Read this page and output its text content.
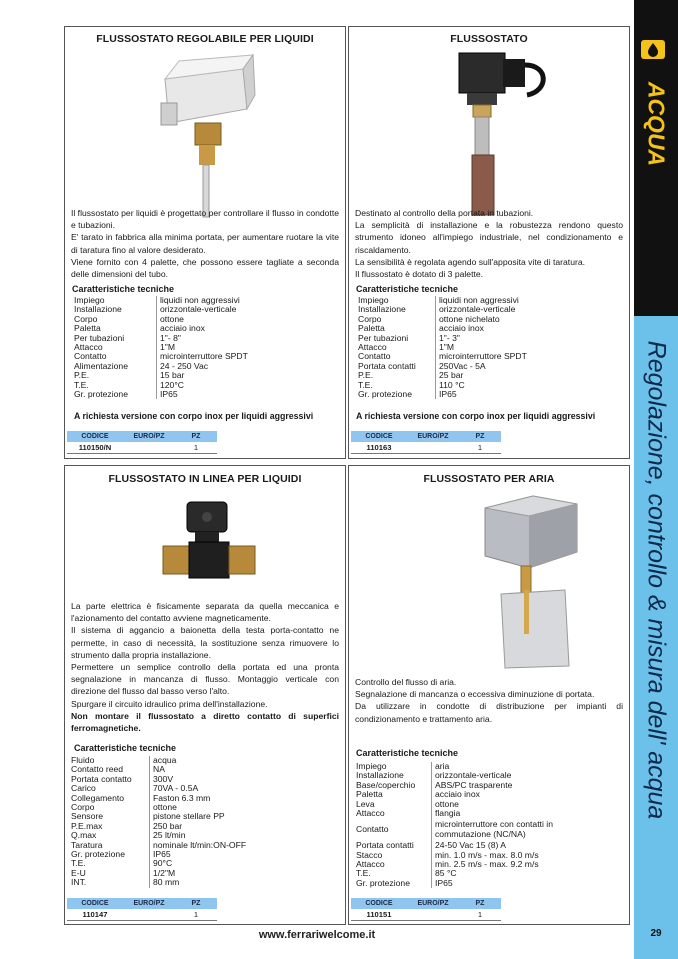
ACQUA
Regolazione, controllo & misura dell' acqua
29
www.ferrariwelcome.it
FLUSSOSTATO REGOLABILE PER LIQUIDI

Il flussostato per liquidi è progettato per controllare il flusso in condotte e tubazioni.

E' tarato in fabbrica alla minima portata, per aumentare ruotare la vite di taratura fino al valore desiderato.

Viene fornito con 4 palette, che possono essere tagliate a seconda delle dimensioni del tubo.

Caratteristiche tecniche
Impiego	liquidi non aggressivi
Installazione	orizzontale-verticale
Corpo	ottone
Paletta	acciaio inox
Per tubazioni	1"- 8"
Attacco	1"M
Contatto	microinterruttore SPDT
Alimentazione	24 - 250 Vac
P.E.	15 bar
T.E.	120°C
Gr. protezione	IP65
A richiesta versione con corpo inox per liquidi aggressivi
CODICE	EURO/PZ	PZ
110150/N		1
FLUSSOSTATO

Destinato al controllo della portata in tubazioni.

La semplicità di installazione e la robustezza rendono questo strumento idoneo all'impiego industriale, nel condizionamento e riscaldamento.

La sensibilità è regolata agendo sull'apposita vite di taratura.

Il flussostato è dotato di 3 palette.

Caratteristiche tecniche
Impiego	liquidi non aggressivi
Installazione	orizzontale-verticale
Corpo	ottone nichelato
Paletta	acciaio inox
Per tubazioni	1"- 3"
Attacco	1"M
Contatto	microinterruttore SPDT
Portata contatti	250Vac - 5A
P.E.	25 bar
T.E.	110 °C
Gr. protezione	IP65
A richiesta versione con corpo inox per liquidi aggressivi
CODICE	EURO/PZ	PZ
110163		1
FLUSSOSTATO IN LINEA PER LIQUIDI

La parte elettrica è fisicamente separata da quella meccanica e l'azionamento del contatto avviene magneticamente.

Il sistema di aggancio a baionetta della testa porta-contatto ne permette, in caso di necessità, la sostituzione senza rimuovere lo strumento dalla propria installazione.

Permettere un semplice controllo della portata ed una pronta segnalazione in mancanza di flusso. Montaggio verticale con direzione del flusso dal basso verso l'alto.

Spurgare il circuito idraulico prima dell'installazione.

Non montare il flussostato a diretto contatto di superfici ferromagnetiche.

Caratteristiche tecniche
Fluido	acqua
Contatto reed	NA
Portata contatto	300V
Carico	70VA - 0.5A
Collegamento	Faston 6.3 mm
Corpo	ottone
Sensore	pistone stellare PP
P.E.max	250 bar
Q.max	25 lt/min
Taratura	nominale lt/min:ON-OFF
Gr. protezione	IP65
T.E.	90°C
E-U	1/2"M
INT.	80 mm
CODICE	EURO/PZ	PZ
110147		1
FLUSSOSTATO PER ARIA

Controllo del flusso di aria.

Segnalazione di mancanza o eccessiva diminuzione di portata.

Da utilizzare in condotte di distribuzione per impianti di condizionamento e trattamento aria.

Caratteristiche tecniche
Impiego	aria
Installazione	orizzontale-verticale
Base/coperchio	ABS/PC trasparente
Paletta	acciaio inox
Leva	ottone
Attacco	flangia
Contatto	microinterruttore con contatti in commutazione (NC/NA)
Portata contatti	24-50 Vac 15 (8) A
Stacco	min. 1.0 m/s - max. 8.0 m/s
Attacco	min. 2.5 m/s - max. 9.2 m/s
T.E.	85 °C
Gr. protezione	IP65
CODICE	EURO/PZ	PZ
110151		1
